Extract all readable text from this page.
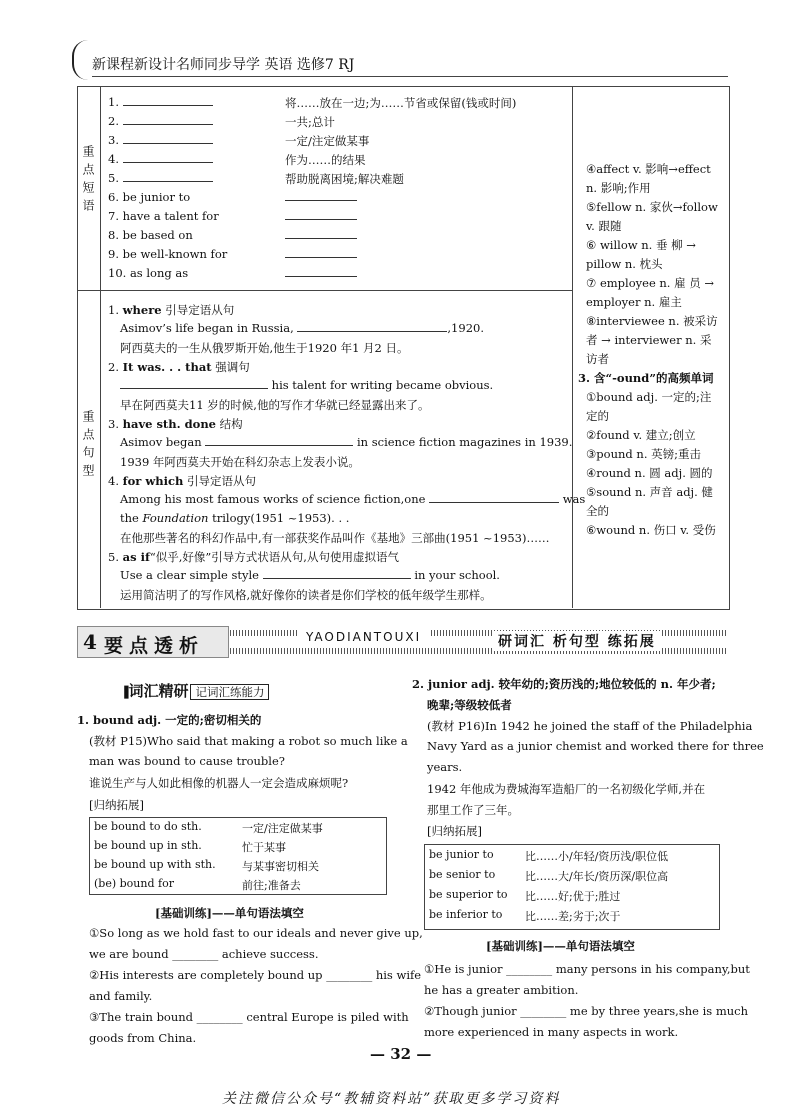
新课程新设计名师同步导学 英语 选修7 RJ
重点短语
1.	将……放在一边;为……节省或保留(钱或时间)
2.	一共;总计
3.	一定/注定做某事
4.	作为……的结果
5.	帮助脱离困境;解决难题
6. be junior to
7. have a talent for
8. be based on
9. be well-known for
10. as long as
重点句型
1. where 引导定语从句
Asimov’s life began in Russia,	,1920.
阿西莫夫的一生从俄罗斯开始,他生于1920 年1 月2 日。
2. It was. . . that 强调句
his talent for writing became obvious.
早在阿西莫夫11 岁的时候,他的写作才华就已经显露出来了。
3. have sth. done 结构
Asimov began	in science fiction magazines in 1939.
1939 年阿西莫夫开始在科幻杂志上发表小说。
4. for which 引导定语从句
Among his most famous works of science fiction,one	was
the Foundation trilogy(1951 ~1953). . .
在他那些著名的科幻作品中,有一部获奖作品叫作《基地》三部曲(1951 ~1953)……
5. as if“似乎,好像”引导方式状语从句,从句使用虚拟语气
Use a clear simple style	in your school.
运用简洁明了的写作风格,就好像你的读者是你们学校的低年级学生那样。
④affect v. 影响→effect
n. 影响;作用
⑤fellow n. 家伙→follow
v. 跟随
⑥ willow n. 垂 柳 →
pillow n. 枕头
⑦ employee n. 雇 员 →
employer n. 雇主
⑧interviewee n. 被采访
者 → interviewer n. 采
访者
3. 含“-ound”的高频单词
①bound adj. 一定的;注
定的
②found v. 建立;创立
③pound n. 英镑;重击
④round n. 圆 adj. 圆的
⑤sound n. 声音 adj. 健
全的
⑥wound n. 伤口 v. 受伤
4 要点透析	YAODIANTOUXI	研词汇 析句型 练拓展
▐词汇精研 记词汇练能力
1. bound adj. 一定的;密切相关的
(教材 P15)Who said that making a robot so much like a
man was bound to cause trouble?
谁说生产与人如此相像的机器人一定会造成麻烦呢?
[归纳拓展]
be bound to do sth.	一定/注定做某事
be bound up in sth.	忙于某事
be bound up with sth. 与某事密切相关
(be) bound for	前往;准备去
[基础训练]——单句语法填空
①So long as we hold fast to our ideals and never give up,
we are bound ________ achieve success.
②His interests are completely bound up ________ his wife
and family.
③The train bound ________ central Europe is piled with
goods from China.
2. junior adj. 较年幼的;资历浅的;地位较低的 n. 年少者;
晚辈;等级较低者
(教材 P16)In 1942 he joined the staff of the Philadelphia
Navy Yard as a junior chemist and worked there for three
years.
1942 年他成为费城海军造船厂的一名初级化学师,并在
那里工作了三年。
[归纳拓展]
be junior to	比……小/年轻/资历浅/职位低
be senior to	比……大/年长/资历深/职位高
be superior to 比……好;优于;胜过
be inferior to 比……差;劣于;次于
[基础训练]——单句语法填空
①He is junior ________ many persons in his company,but
he has a greater ambition.
②Though junior ________ me by three years,she is much
more experienced in many aspects in work.
— 32 —
关注微信公众号“教辅资料站”获取更多学习资料
